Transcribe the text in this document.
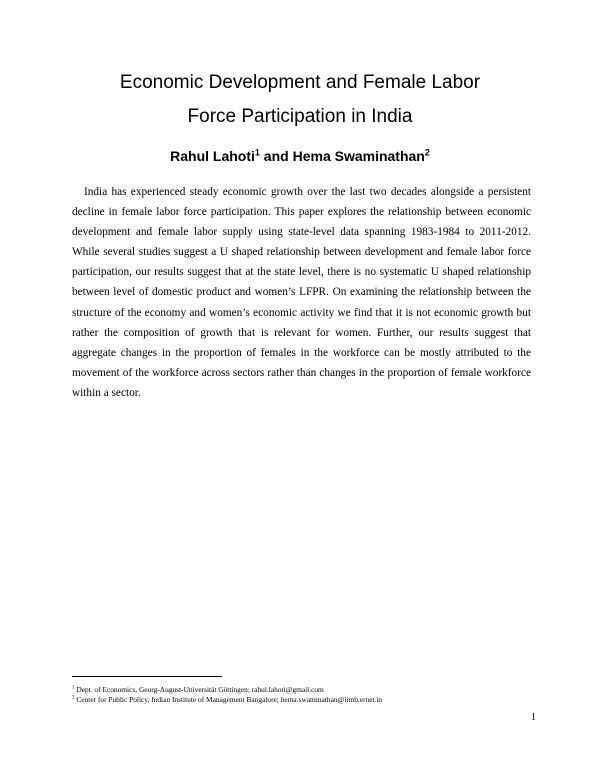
Economic Development and Female Labor
Force Participation in India
Rahul Lahoti$^1$ and Hema Swaminathan$^2$

India has experienced steady economic growth over the last two decades alongside a persistent decline in female labor force participation. This paper explores the relationship between economic development and female labor supply using state-level data spanning 1983-1984 to 2011-2012. While several studies suggest a U shaped relationship between development and female labor force participation, our results suggest that at the state level, there is no systematic U shaped relationship between level of domestic product and women’s LFPR. On examining the relationship between the structure of the economy and women’s economic activity we find that it is not economic growth but rather the composition of growth that is relevant for women. Further, our results suggest that aggregate changes in the proportion of females in the workforce can be mostly attributed to the movement of the workforce across sectors rather than changes in the proportion of female workforce within a sector.

$^1$ Dept. of Economics, Georg-August-Universität Göttingen; rahul.lahoti@gmail.com
$^2$ Center for Public Policy, Indian Institute of Management Bangalore; hema.swaminathan@iimb.ernet.in
1
